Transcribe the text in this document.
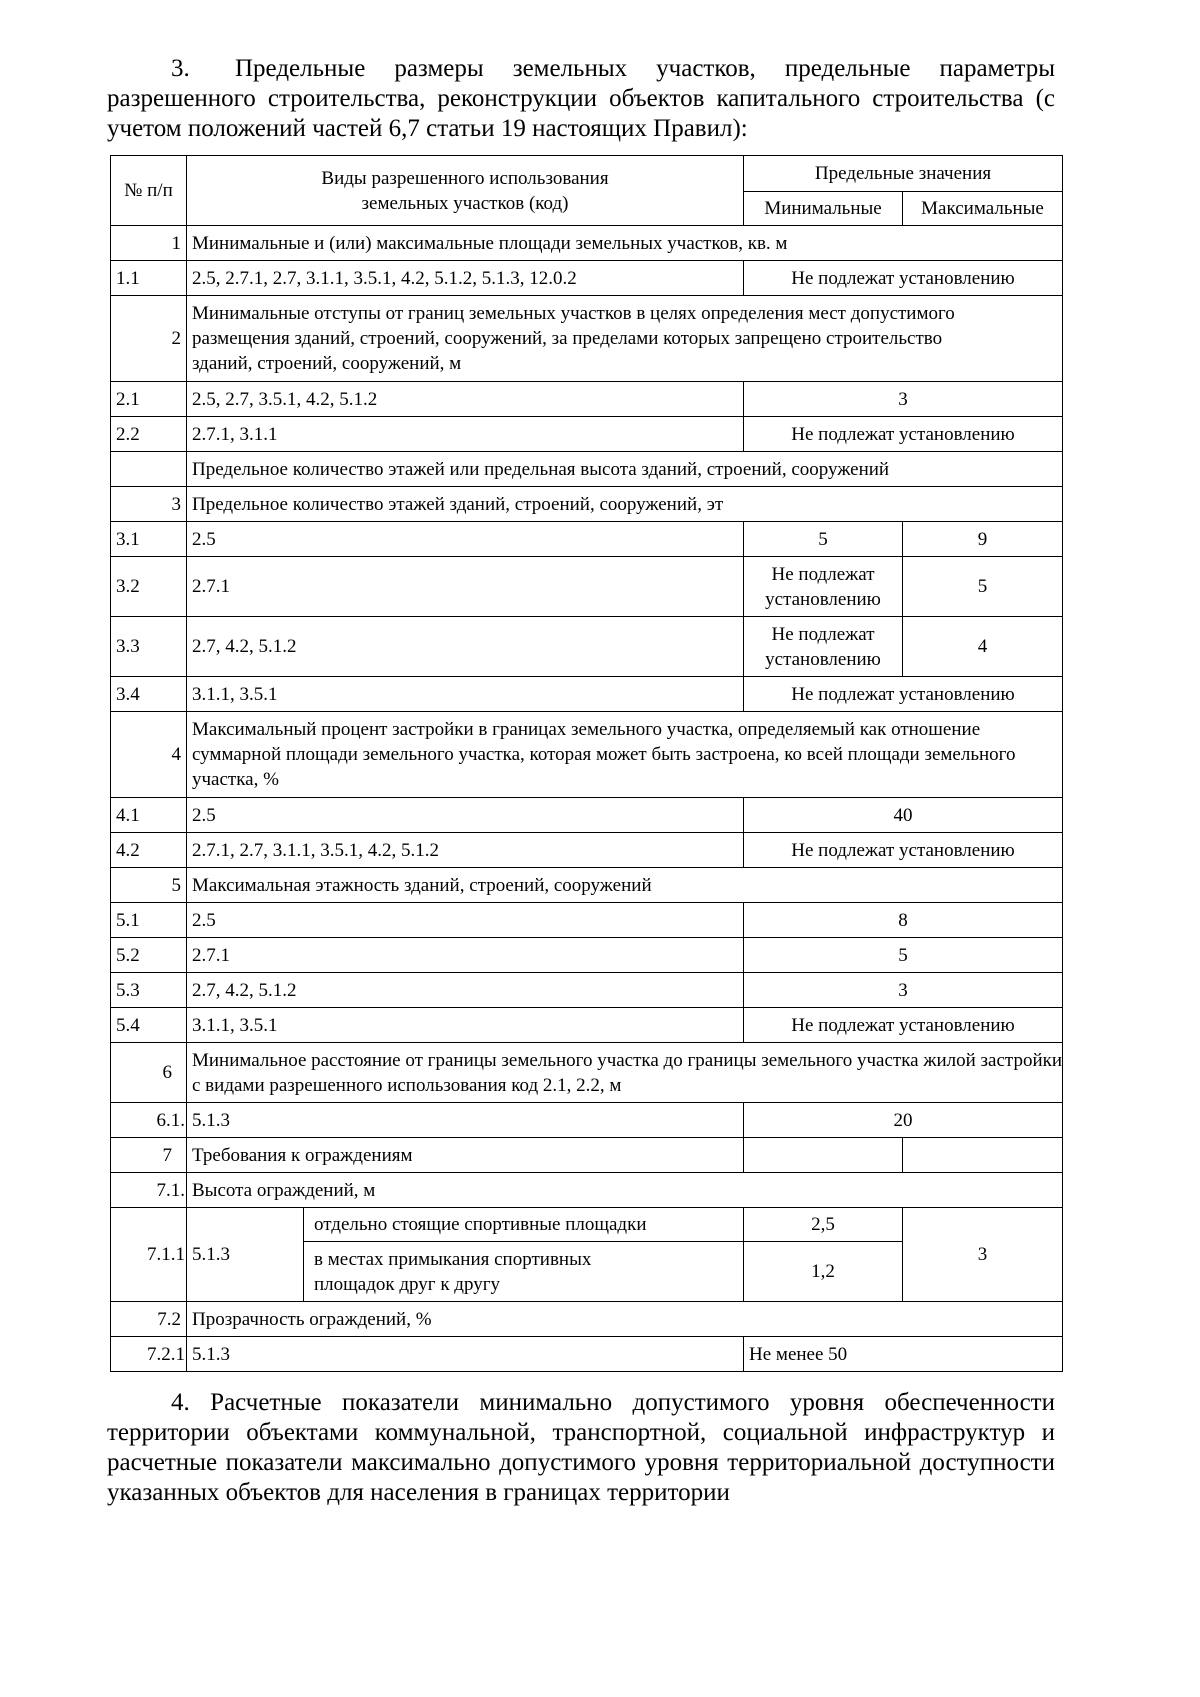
3. Предельные размеры земельных участков, предельные параметры разрешенного строительства, реконструкции объектов капитального строительства (с учетом положений частей 6,7 статьи 19 настоящих Правил):
№ п/п	Виды разрешенного использования земельных участков (код)		Предельные значения	
			Минимальные	Максимальные
1	Минимальные и (или) максимальные площади земельных участков, кв. м			
1.1	2.5, 2.7.1, 2.7, 3.1.1, 3.5.1, 4.2, 5.1.2, 5.1.3, 12.0.2		Не подлежат установлению	
2	Минимальные отступы от границ земельных участков в целях определения мест допустимого размещения зданий, строений, сооружений, за пределами которых запрещено строительство зданий, строений, сооружений, м			
2.1	2.5, 2.7, 3.5.1, 4.2, 5.1.2		3	
2.2	2.7.1, 3.1.1		Не подлежат установлению	
	Предельное количество этажей или предельная высота зданий, строений, сооружений			
3	Предельное количество этажей зданий, строений, сооружений, эт			
3.1	2.5		5	9
3.2	2.7.1		Не подлежат установлению	5
3.3	2.7, 4.2, 5.1.2		Не подлежат установлению	4
3.4	3.1.1, 3.5.1		Не подлежат установлению	
4	Максимальный процент застройки в границах земельного участка, определяемый как отношение суммарной площади земельного участка, которая может быть застроена, ко всей площади земельного участка, %			
4.1	2.5		40	
4.2	2.7.1, 2.7, 3.1.1, 3.5.1, 4.2, 5.1.2		Не подлежат установлению	
5	Максимальная этажность зданий, строений, сооружений			
5.1	2.5		8	
5.2	2.7.1		5	
5.3	2.7, 4.2, 5.1.2		3	
5.4	3.1.1, 3.5.1		Не подлежат установлению	
6	Минимальное расстояние от границы земельного участка до границы земельного участка жилой застройки с видами разрешенного использования код 2.1, 2.2, м			
6.1.	5.1.3		20	
7	Требования к ограждениям			
7.1.	Высота ограждений, м			
7.1.1	5.1.3	отдельно стоящие спортивные площадки	2,5	3
		в местах примыкания спортивных площадок друг к другу	1,2	
7.2	Прозрачность ограждений, %			
7.2.1	5.1.3		Не менее 50	
4. Расчетные показатели минимально допустимого уровня обеспеченности территории объектами коммунальной, транспортной, социальной инфраструктур и расчетные показатели максимально допустимого уровня территориальной доступности указанных объектов для населения в границах территории
